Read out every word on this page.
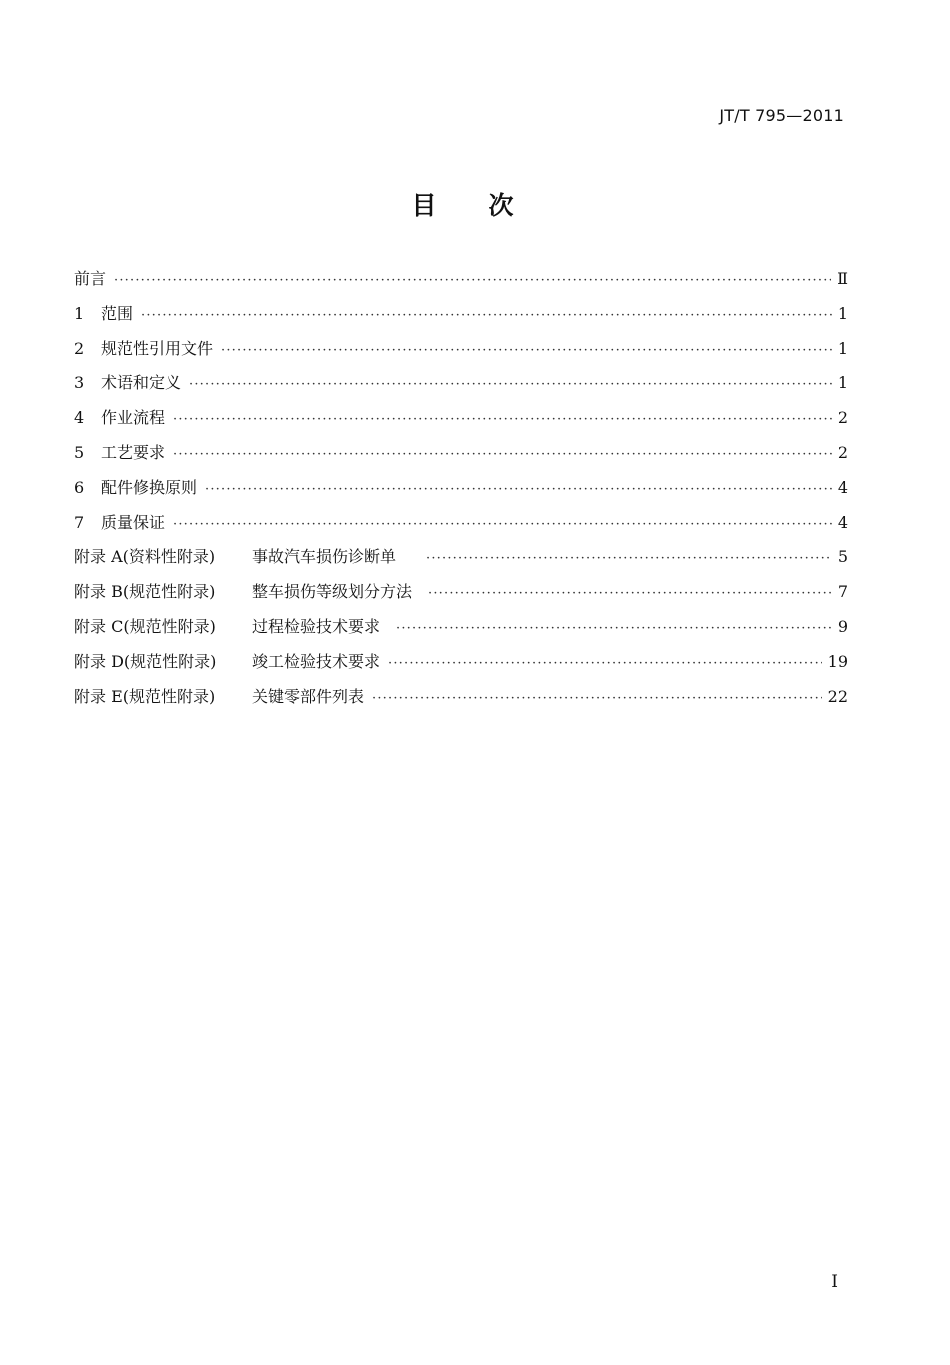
JT/T 795—2011
目 次
前言 ·····	Ⅱ
1 范围 ·····	1
2 规范性引用文件 ·····	1
3 术语和定义 ·····	1
4 作业流程 ·····	2
5 工艺要求 ·····	2
6 配件修换原则 ·····	4
7 质量保证 ·····	4
附录 A(资料性附录) 事故汽车损伤诊断单 ·····	5
附录 B(规范性附录) 整车损伤等级划分方法 ·····	7
附录 C(规范性附录) 过程检验技术要求 ·····	9
附录 D(规范性附录) 竣工检验技术要求 ·····	19
附录 E(规范性附录) 关键零部件列表 ·····	22
I
